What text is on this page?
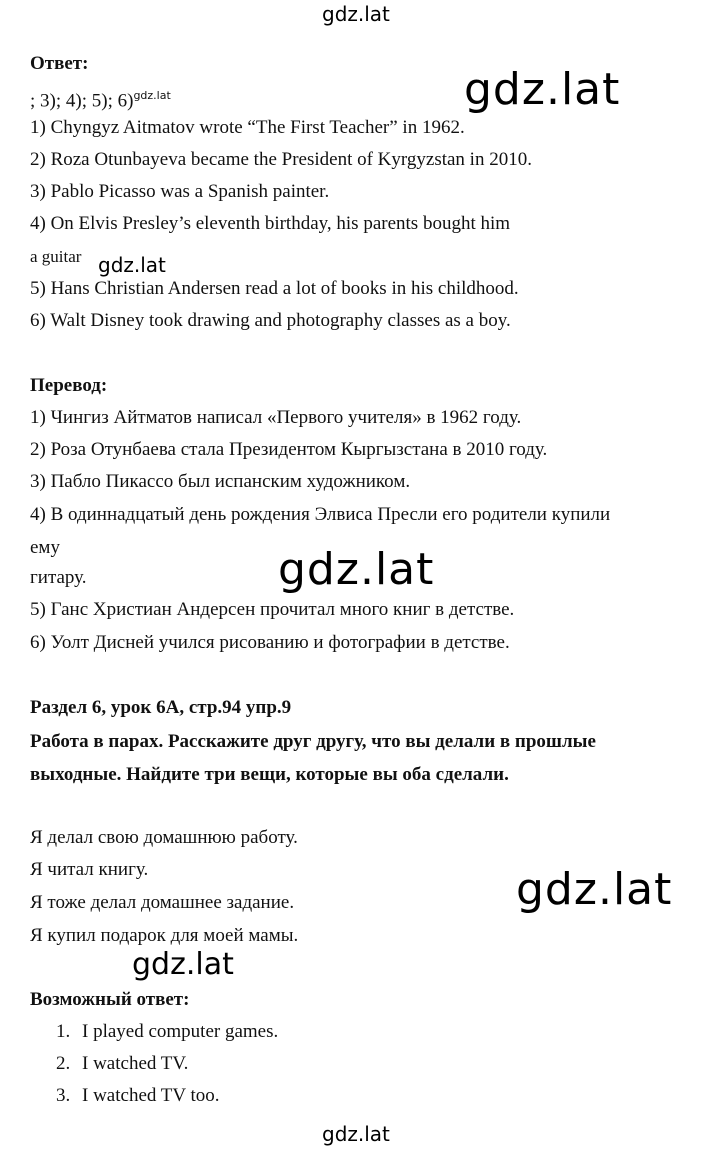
gdz.lat
gdz.lat
Ответ:
; 3); 4); 5); 6)$^{gdz.lat}$
1) Chyngyz Aitmatov wrote “The First Teacher” in 1962.
2) Roza Otunbayeva became the President of Kyrgyzstan in 2010.
3) Pablo Picasso was a Spanish painter.
4) On Elvis Presley’s eleventh birthday, his parents bought him
a guitar gdz.lat
5) Hans Christian Andersen read a lot of books in his childhood.
6) Walt Disney took drawing and photography classes as a boy.
Перевод:
1) Чингиз Айтматов написал «Первого учителя» в 1962 году.
2) Роза Отунбаева стала Президентом Кыргызстана в 2010 году.
3) Пабло Пикассо был испанским художником.
4) В одиннадцатый день рождения Элвиса Пресли его родители купили
ему
гитару.	gdz.lat
5) Ганс Христиан Андерсен прочитал много книг в детстве.
6) Уолт Дисней учился рисованию и фотографии в детстве.
Раздел 6, урок 6А, стр.94 упр.9
Работа в парах. Расскажите друг другу, что вы делали в прошлые
выходные. Найдите три вещи, которые вы оба сделали.
Я делал свою домашнюю работу.
Я читал книгу.
Я тоже делал домашнее задание.
Я купил подарок для моей мамы.
gdz.lat
gdz.lat
Возможный ответ:
1. I played computer games.
2. I watched TV.
3. I watched TV too.
gdz.lat
